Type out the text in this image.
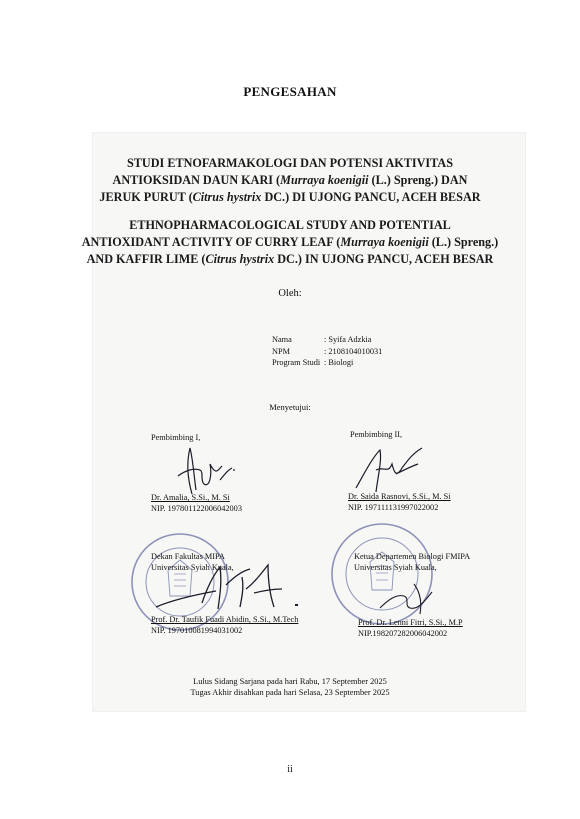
PENGESAHAN
STUDI ETNOFARMAKOLOGI DAN POTENSI AKTIVITAS
ANTIOKSIDAN DAUN KARI (Murraya koenigii (L.) Spreng.) DAN
JERUK PURUT (Citrus hystrix DC.) DI UJONG PANCU, ACEH BESAR
ETHNOPHARMACOLOGICAL STUDY AND POTENTIAL
ANTIOXIDANT ACTIVITY OF CURRY LEAF (Murraya koenigii (L.) Spreng.)
AND KAFFIR LIME (Citrus hystrix DC.) IN UJONG PANCU, ACEH BESAR
Oleh:
Nama	: Syifa Adzkia
NPM	: 2108104010031
Program Studi : Biologi
Menyetujui:
Pembimbing I,
Dr. Amalia, S.Si., M. Si
NIP. 197801122006042003
Pembimbing II,
Dr. Saida Rasnovi, S.Si., M. Si
NIP. 197111131997022002
Dekan Fakultas MIPA
Universitas Syiah Kuala,
Prof. Dr. Taufik Fuadi Abidin, S.Si., M.Tech
NIP. 197010081994031002
Ketua Departemen Biologi FMIPA
Universitas Syiah Kuala,
Prof. Dr. Lenni Fitri, S.Si., M.P
NIP.198207282006042002
Lulus Sidang Sarjana pada hari Rabu, 17 September 2025
Tugas Akhir disahkan pada hari Selasa, 23 September 2025
ii
